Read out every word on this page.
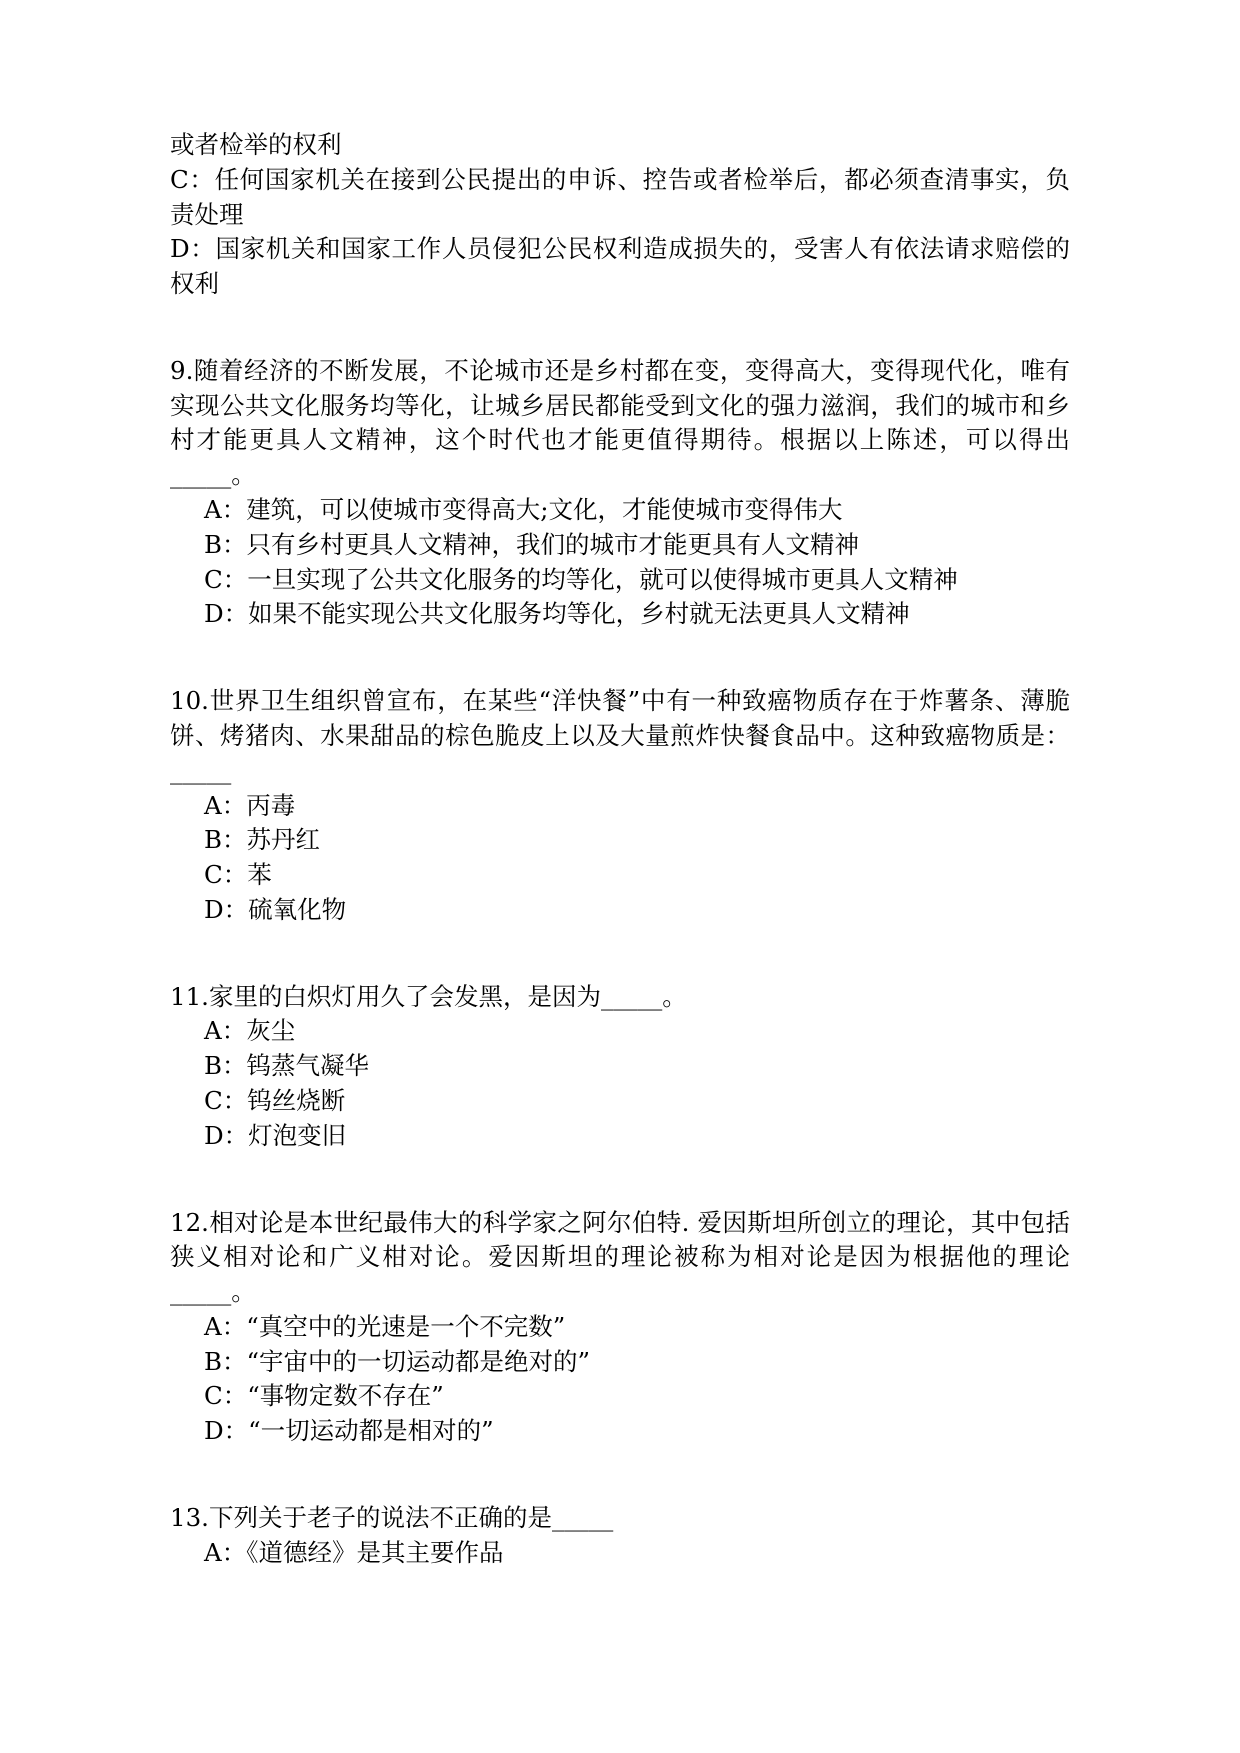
或者检举的权利

C：任何国家机关在接到公民提出的申诉、控告或者检举后，都必须查清事实，负责处理

D：国家机关和国家工作人员侵犯公民权利造成损失的，受害人有依法请求赔偿的权利

9.随着经济的不断发展，不论城市还是乡村都在变，变得高大，变得现代化，唯有实现公共文化服务均等化，让城乡居民都能受到文化的强力滋润，我们的城市和乡村才能更具人文精神，这个时代也才能更值得期待。根据以上陈述，可以得出_____。

A：建筑，可以使城市变得高大;文化，才能使城市变得伟大

B：只有乡村更具人文精神，我们的城市才能更具有人文精神

C：一旦实现了公共文化服务的均等化，就可以使得城市更具人文精神

D：如果不能实现公共文化服务均等化，乡村就无法更具人文精神

10.世界卫生组织曾宣布，在某些“洋快餐”中有一种致癌物质存在于炸薯条、薄脆饼、烤猪肉、水果甜品的棕色脆皮上以及大量煎炸快餐食品中。这种致癌物质是：_____

A：丙毒

B：苏丹红

C：苯

D：硫氧化物

11.家里的白炽灯用久了会发黑，是因为_____。

A：灰尘

B：钨蒸气凝华

C：钨丝烧断

D：灯泡变旧

12.相对论是本世纪最伟大的科学家之阿尔伯特. 爱因斯坦所创立的理论，其中包括狭义相对论和广义柑对论。爱因斯坦的理论被称为相对论是因为根据他的理论_____。

A：“真空中的光速是一个不完数”

B：“宇宙中的一切运动都是绝对的”

C：“事物定数不存在”

D：“一切运动都是相对的”

13.下列关于老子的说法不正确的是_____

A：《道德经》是其主要作品
